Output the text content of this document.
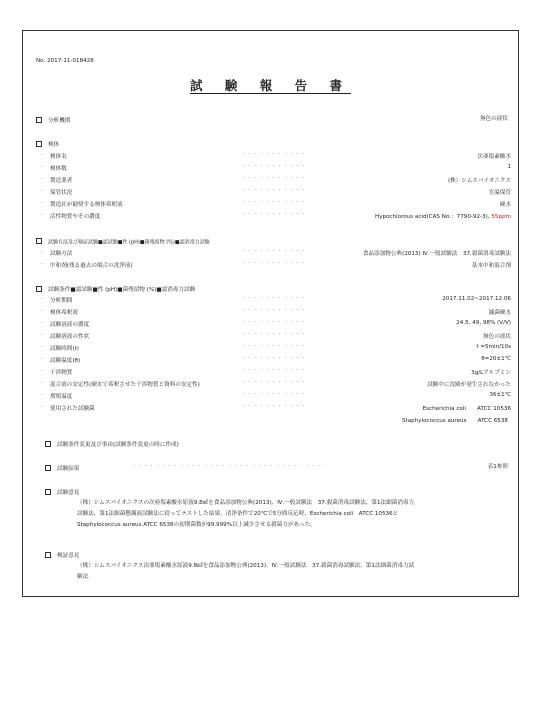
No. 2017-11-018428
試 験 報 告 書
分析機関	無色の液状
検体
· 検体名	· · · · · · · · · · ·	次亜塩素酸水
· 検体数	· · · · · · · · · · ·	1
· 製造業者	· · · · · · · · · · ·	(株）シムスバイオニクス
· 保管状況	· · · · · · · · · · ·	室温保管
· 製造社が勧奨する検体希釈液	· · · · · · · · · · ·	硬水
· 活性物質やその濃度	· · · · · · · · · · ·	Hypochlorous acid(CAS No.：7790-92-3), 55ppm
試験方法及び検証試験■認試験■性 (pH)■菌残留物 (%)■認消毒力試験
· 試験方法	· · · · · · · · · · ·	食品添加物公典(2013) Ⅳ.一般試験法　37.殺菌消毒試験法
· 中和剤(残る過去の場合の洗浄液)	· · · · · · · · · · ·	基本中和混合剤
試験条件■認試験■性 (pH)■菌残留物 (%)■認消毒力試験
· 分析期間	· · · · · · · · · · ·	2017.11.02~2017.12.06
· 検体希釈液	· · · · · · · · · · ·	滅菌硬水
· 試験溶液の濃度	· · · · · · · · · · ·	24.5, 49, 98% (V/V)
· 試験溶液の性状	· · · · · · · · · · ·	無色の液状
· 試験時間(t)	· · · · · · · · · · ·	t =5min/10s
· 試験温度(θ)	· · · · · · · · · · ·	θ=20±1℃
· 干渉物質	· · · · · · · · · · ·	3g/Lアルブミン
· 混合液の安定性(硬水で希釈させた干渉物質と資料の安定性)	· · · · · · · · · · ·	試験中に沈殿が発生されなかった
· 増殖温度	· · · · · · · · · · ·	36±1℃
· 使用された試験菌	· · · · · · · · · · ·	Escherichia coli　　ATCC 10536
Staphylococcus aureus　　ATCC 6538
試験条件変更及び事由(試験条件変更の時に作成)
試験結果	· · · · · · · · · · · · · · · · · · · · · · · · · · · · · · · · ·	表1参照
試験意見
（株）シムスバイオニクスの次亜塩素酸水原液9.8㎖を食品添加物公典(2013)、Ⅳ.一般試験法　37.殺菌消毒試験法、第1法細菌消毒力
試験法、第1法細菌懸濁液試験法に従ってテストした結果、清浄条件で20℃で5分間反応時、Escherichia coli　ATCC 10536と
Staphylococcus aureus ATCC 6538の初期菌数が99.999%以上減少させる殺菌力があった。
検証意見
（株）シムスバイオニクス次亜塩素酸水原液9.8㎖を食品添加物公典(2013)、Ⅳ.一般試験法　37.殺菌消毒試験法、第1法細菌消毒力試
験法.
